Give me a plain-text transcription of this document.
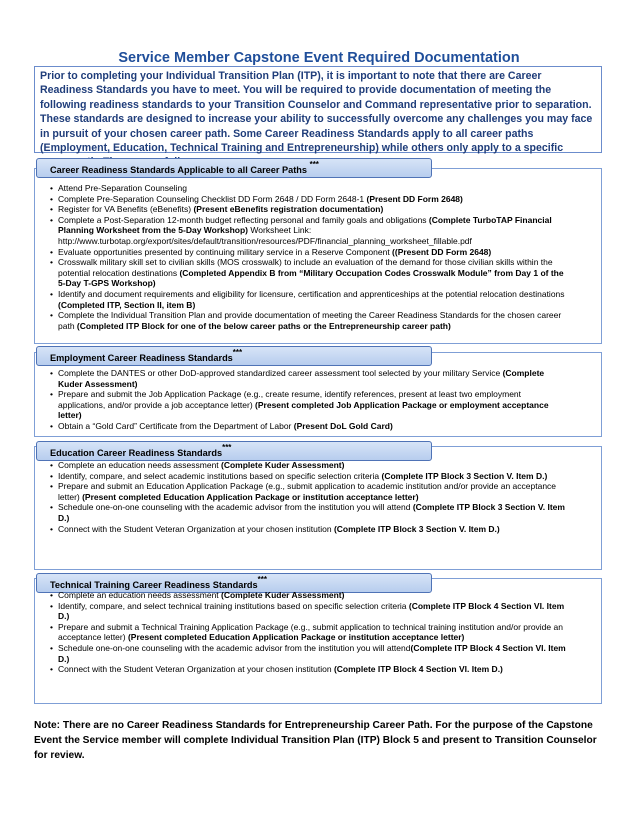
Service Member Capstone Event Required Documentation
Prior to completing your Individual Transition Plan (ITP), it is important to note that there are Career Readiness Standards you have to meet. You will be required to provide documentation of meeting the following readiness standards to your Transition Counselor and Command representative prior to separation. These standards are designed to increase your ability to successfully overcome any challenges you may face in pursuit of your chosen career path. Some Career Readiness Standards apply to all career paths (Employment, Education, Technical Training and Entrepreneurship) while others only apply to a specific
Career Readiness Standards Applicable to all Career Paths ***
• Attend Pre-Separation Counseling
• Complete Pre-Separation Counseling Checklist DD Form 2648 / DD Form 2648-1 (Present DD Form 2648)
• Register for VA Benefits (eBenefits) (Present eBenefits registration documentation)
• Complete a Post-Separation 12-month budget reflecting personal and family goals and obligations (Complete TurboTAP Financial Planning Worksheet from the 5-Day Workshop) Worksheet Link: http://www.turbotap.org/export/sites/default/transition/resources/PDF/financial_planning_worksheet_fillable.pdf
• Evaluate opportunities presented by continuing military service in a Reserve Component ((Present DD Form 2648)
• Crosswalk military skill set to civilian skills (MOS crosswalk) to include an evaluation of the demand for those civilian skills within the potential relocation destinations (Completed Appendix B from “Military Occupation Codes Crosswalk Module” from Day 1 of the 5-Day T-GPS Workshop)
• Identify and document requirements and eligibility for licensure, certification and apprenticeships at the potential relocation destinations (Completed ITP, Section II, item B)
• Complete the Individual Transition Plan and provide documentation of meeting the Career Readiness Standards for the chosen career path (Completed ITP Block for one of the below career paths or the Entrepreneurship career path)
Employment Career Readiness Standards***
• Complete the DANTES or other DoD-approved standardized career assessment tool selected by your military Service (Complete Kuder Assessment)
• Prepare and submit the Job Application Package (e.g., create resume, identify references, present at least two employment applications, and/or provide a job acceptance letter) (Present completed Job Application Package or employment acceptance letter)
• Obtain a “Gold Card” Certificate from the Department of Labor (Present DoL Gold Card)
Education Career Readiness Standards***
• Complete an education needs assessment (Complete Kuder Assessment)
• Identify, compare, and select academic institutions based on specific selection criteria (Complete ITP Block 3 Section V. Item D.)
• Prepare and submit an Education Application Package (e.g., submit application to academic institution and/or provide an acceptance letter) (Present completed Education Application Package or institution acceptance letter)
• Schedule one-on-one counseling with the academic advisor from the institution you will attend (Complete ITP Block 3 Section V. Item D.)
• Connect with the Student Veteran Organization at your chosen institution (Complete ITP Block 3 Section V. Item D.)
Technical Training Career Readiness Standards***
• Complete an education needs assessment (Complete Kuder Assessment)
• Identify, compare, and select technical training institutions based on specific selection criteria (Complete ITP Block 4 Section VI. Item D.)
• Prepare and submit a Technical Training Application Package (e.g., submit application to technical training institution and/or provide an acceptance letter) (Present completed Education Application Package or institution acceptance letter)
• Schedule one-on-one counseling with the academic advisor from the institution you will attend(Complete ITP Block 4 Section VI. Item D.)
• Connect with the Student Veteran Organization at your chosen institution (Complete ITP Block 4 Section VI. Item D.)
Note: There are no Career Readiness Standards for Entrepreneurship Career Path. For the purpose of the Capstone Event the Service member will complete Individual Transition Plan (ITP) Block 5 and present to Transition Counselor for review.
